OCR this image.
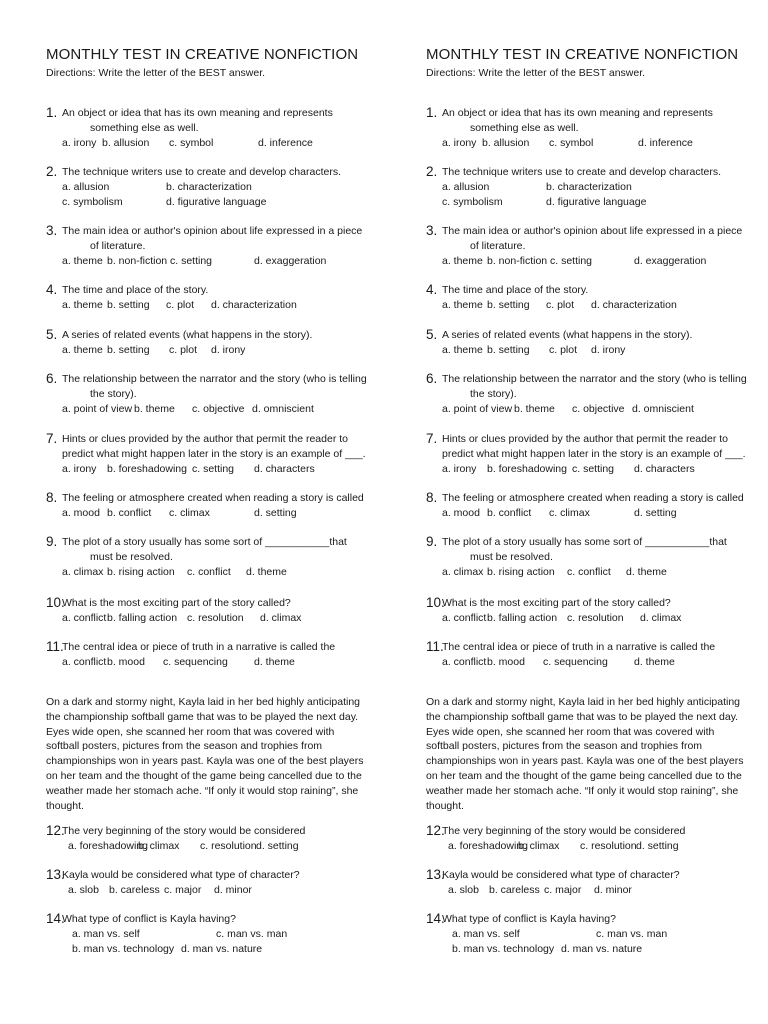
MONTHLY TEST IN CREATIVE NONFICTION
Directions: Write the letter of the BEST answer.
1. An object or idea that has its own meaning and represents
something else as well.
a. irony b. allusion c. symbol	d. inference
2. The technique writers use to create and develop characters.
a. allusion	b. characterization
c. symbolism	d. figurative language
3. The main idea or author's opinion about life expressed in a piece
of literature.
a. theme b. non-fiction c. setting	d. exaggeration
4. The time and place of the story.
a. theme b. setting c. plot d. characterization
5. A series of related events (what happens in the story).
a. theme b. setting c. plot d. irony
6. The relationship between the narrator and the story (who is telling
the story).
a. point of view b. theme c. objective d. omniscient
7. Hints or clues provided by the author that permit the reader to
predict what might happen later in the story is an example of ___.
a. irony b. foreshadowing c. setting d. characters
8. The feeling or atmosphere created when reading a story is called
a. mood b. conflict c. climax	d. setting
9. The plot of a story usually has some sort of ___________that
must be resolved.
a. climax b. rising action c. conflict d. theme
10.
What is the most exciting part of the story called?
a. conflict b. falling action c. resolution d. climax
11.
The central idea or piece of truth in a narrative is called the
a. conflict b. mood c. sequencing d. theme
12.
The very beginning of the story would be considered
a. foreshadowing
b. climax c. resolution d. setting
13.
Kayla would be considered what type of character?
a. slob b. careless c. major d. minor
14.
What type of conflict is Kayla having?
a. man vs. self	c. man vs. man
b. man vs. technology d. man vs. nature
On a dark and stormy night, Kayla laid in her bed highly anticipating
the championship softball game that was to be played the next day.
Eyes wide open, she scanned her room that was covered with
softball posters, pictures from the season and trophies from
championships won in years past. Kayla was one of the best players
on her team and the thought of the game being cancelled due to the
weather made her stomach ache. “If only it would stop raining”, she
thought.
MONTHLY TEST IN CREATIVE NONFICTION
Directions: Write the letter of the BEST answer.
1. An object or idea that has its own meaning and represents
something else as well.
a. irony b. allusion c. symbol	d. inference
2. The technique writers use to create and develop characters.
a. allusion	b. characterization
c. symbolism	d. figurative language
3. The main idea or author's opinion about life expressed in a piece
of literature.
a. theme b. non-fiction c. setting	d. exaggeration
4. The time and place of the story.
a. theme b. setting c. plot d. characterization
5. A series of related events (what happens in the story).
a. theme b. setting c. plot d. irony
6. The relationship between the narrator and the story (who is telling
the story).
a. point of view b. theme c. objective d. omniscient
7. Hints or clues provided by the author that permit the reader to
predict what might happen later in the story is an example of ___.
a. irony b. foreshadowing c. setting d. characters
8. The feeling or atmosphere created when reading a story is called
a. mood b. conflict c. climax	d. setting
9. The plot of a story usually has some sort of ___________that
must be resolved.
a. climax b. rising action c. conflict d. theme
10.
What is the most exciting part of the story called?
a. conflict b. falling action c. resolution d. climax
11.
The central idea or piece of truth in a narrative is called the
a. conflict b. mood c. sequencing d. theme
12.
The very beginning of the story would be considered
a. foreshadowing
b. climax c. resolution d. setting
13.
Kayla would be considered what type of character?
a. slob b. careless c. major d. minor
14.
What type of conflict is Kayla having?
a. man vs. self	c. man vs. man
b. man vs. technology d. man vs. nature
On a dark and stormy night, Kayla laid in her bed highly anticipating
the championship softball game that was to be played the next day.
Eyes wide open, she scanned her room that was covered with
softball posters, pictures from the season and trophies from
championships won in years past. Kayla was one of the best players
on her team and the thought of the game being cancelled due to the
weather made her stomach ache. “If only it would stop raining”, she
thought.
